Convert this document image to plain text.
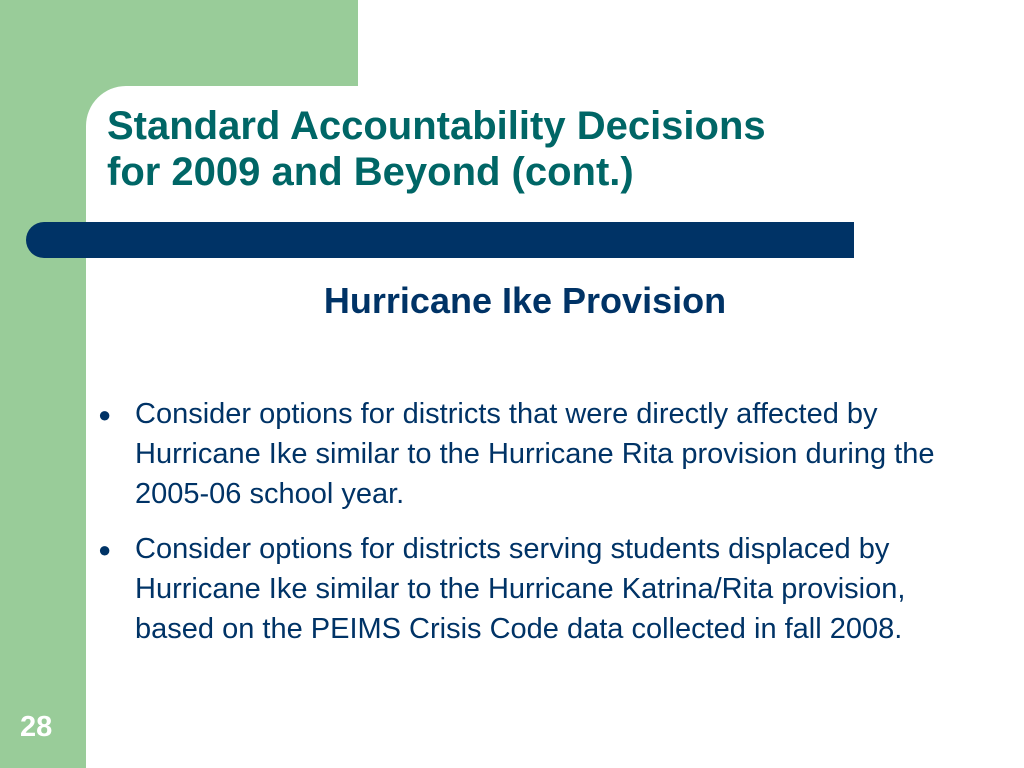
Standard Accountability Decisions
for 2009 and Beyond (cont.)
Hurricane Ike Provision
● Consider options for districts that were directly affected by Hurricane Ike similar to the Hurricane Rita provision during the 2005-06 school year.
● Consider options for districts serving students displaced by Hurricane Ike similar to the Hurricane Katrina/Rita provision, based on the PEIMS Crisis Code data collected in fall 2008.

28
